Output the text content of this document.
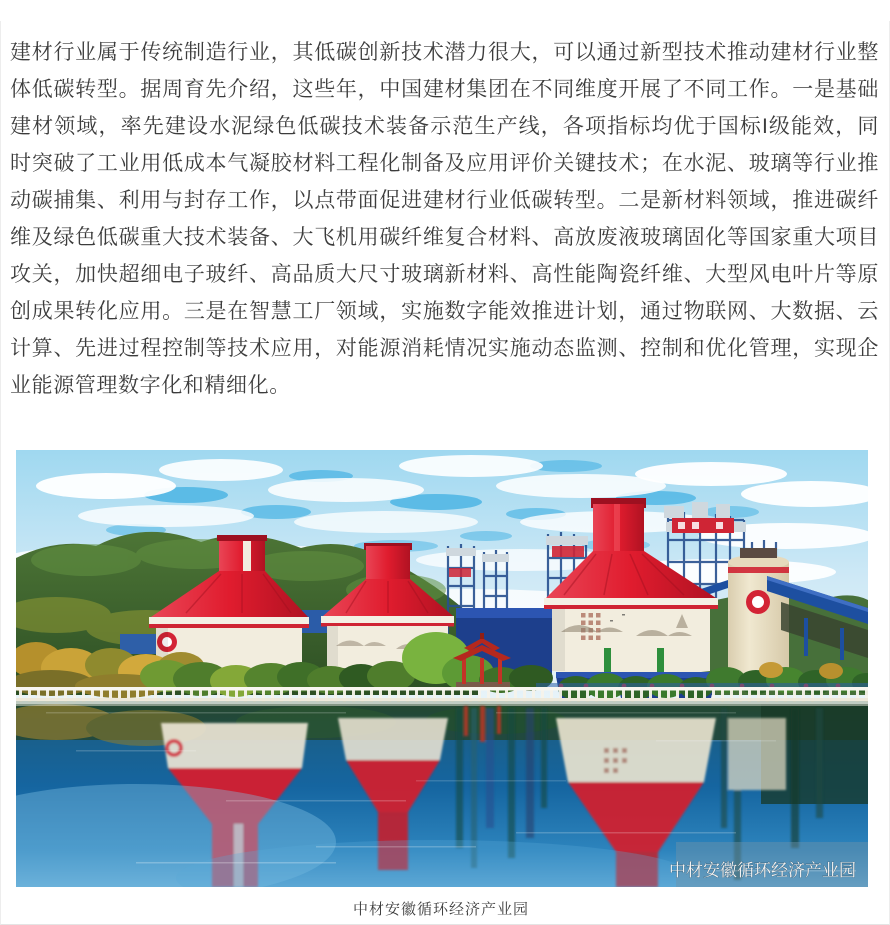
建材行业属于传统制造行业，其低碳创新技术潜力很大，可以通过新型技术推动建材行业整体低碳转型。据周育先介绍，这些年，中国建材集团在不同维度开展了不同工作。一是基础建材领域，率先建设水泥绿色低碳技术装备示范生产线，各项指标均优于国标I级能效，同时突破了工业用低成本气凝胶材料工程化制备及应用评价关键技术；在水泥、玻璃等行业推动碳捕集、利用与封存工作，以点带面促进建材行业低碳转型。二是新材料领域，推进碳纤维及绿色低碳重大技术装备、大飞机用碳纤维复合材料、高放废液玻璃固化等国家重大项目攻关，加快超细电子玻纤、高品质大尺寸玻璃新材料、高性能陶瓷纤维、大型风电叶片等原创成果转化应用。三是在智慧工厂领域，实施数字能效推进计划，通过物联网、大数据、云计算、先进过程控制等技术应用，对能源消耗情况实施动态监测、控制和优化管理，实现企业能源管理数字化和精细化。

中材安徽循环经济产业园
中材安徽循环经济产业园
